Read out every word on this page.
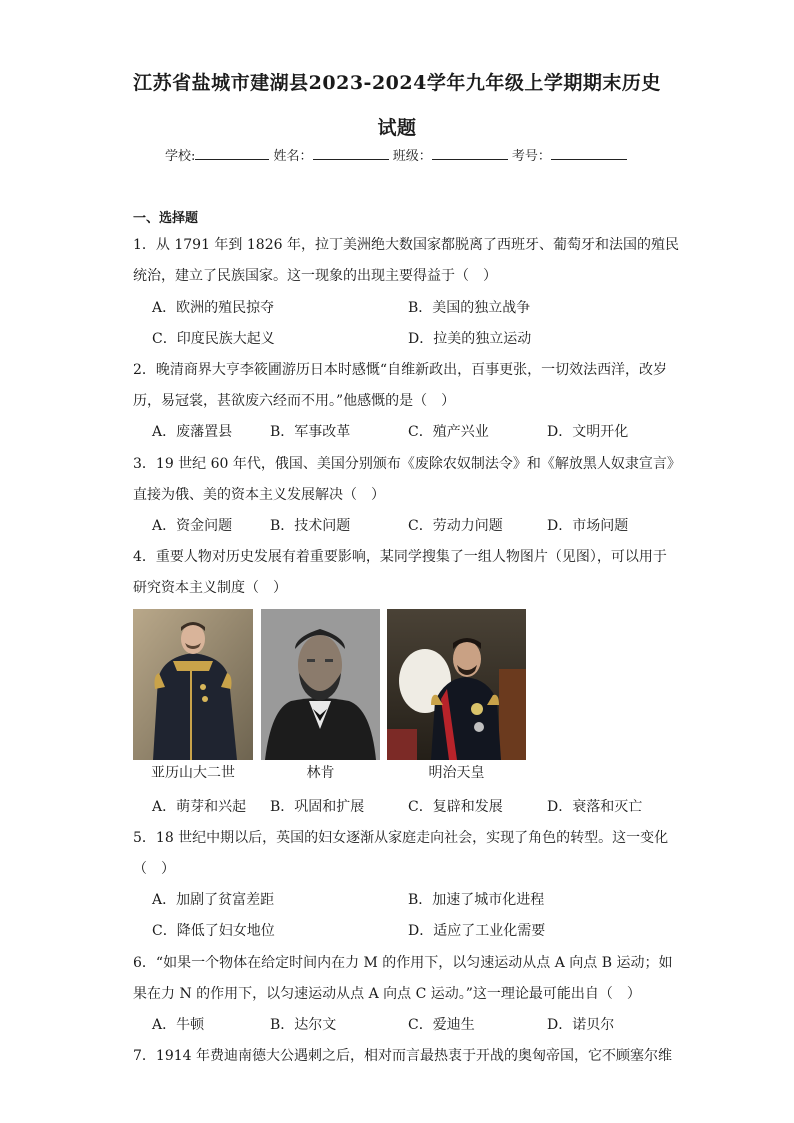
江苏省盐城市建湖县2023-2024学年九年级上学期期末历史
试题
学校:	姓名：	班级：	考号：
一、选择题
1．从 1791 年到 1826 年，拉丁美洲绝大数国家都脱离了西班牙、葡萄牙和法国的殖民
统治，建立了民族国家。这一现象的出现主要得益于（　）
A．欧洲的殖民掠夺	B．美国的独立战争
C．印度民族大起义	D．拉美的独立运动
2．晚清商界大亨李筱圃游历日本时感慨“自维新政出，百事更张，一切效法西洋，改岁
历，易冠裳，甚欲废六经而不用。”他感慨的是（　）
A．废藩置县	B．军事改革	C．殖产兴业	D．文明开化
3．19 世纪 60 年代，俄国、美国分别颁布《废除农奴制法令》和《解放黑人奴隶宣言》
直接为俄、美的资本主义发展解决（　）
A．资金问题	B．技术问题	C．劳动力问题	D．市场问题
4．重要人物对历史发展有着重要影响，某同学搜集了一组人物图片（见图），可以用于
研究资本主义制度（　）
亚历山大二世	林肯	明治天皇
A．萌芽和兴起 B．巩固和扩展	C．复辟和发展	D．衰落和灭亡
5．18 世纪中期以后，英国的妇女逐渐从家庭走向社会，实现了角色的转型。这一变化
（　）
A．加剧了贫富差距	B．加速了城市化进程
C．降低了妇女地位	D．适应了工业化需要
6．“如果一个物体在给定时间内在力 M 的作用下，以匀速运动从点 A 向点 B 运动；如
果在力 N 的作用下，以匀速运动从点 A 向点 C 运动。”这一理论最可能出自（　）
A．牛顿	B．达尔文	C．爱迪生	D．诺贝尔
7．1914 年费迪南德大公遇刺之后，相对而言最热衷于开战的奥匈帝国，它不顾塞尔维
